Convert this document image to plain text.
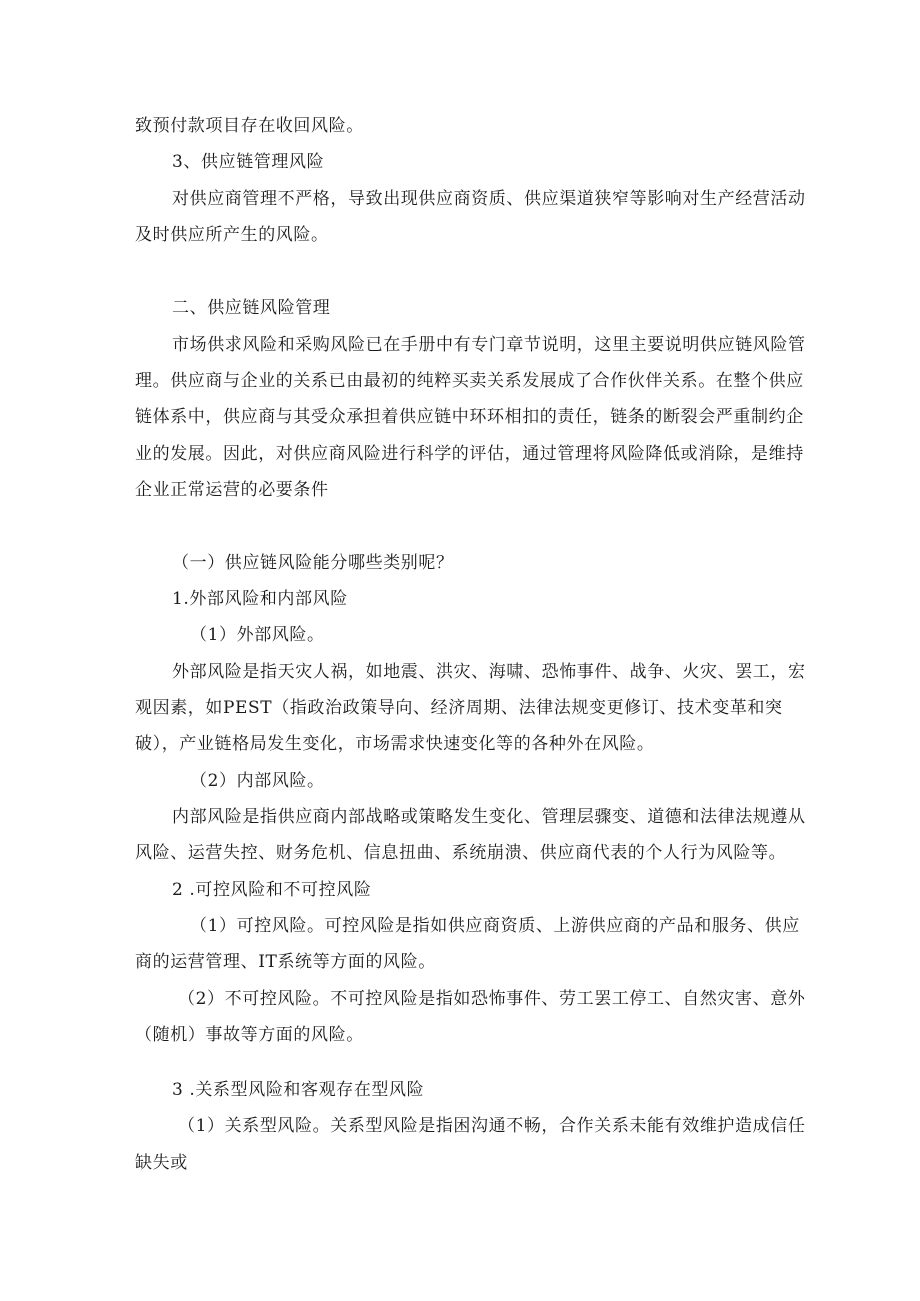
致预付款项目存在收回风险。
3、供应链管理风险
对供应商管理不严格，导致出现供应商资质、供应渠道狭窄等影响对生产经营活动
及时供应所产生的风险。
二、供应链风险管理
市场供求风险和采购风险已在手册中有专门章节说明，这里主要说明供应链风险管
理。供应商与企业的关系已由最初的纯粹买卖关系发展成了合作伙伴关系。在整个供应
链体系中，供应商与其受众承担着供应链中环环相扣的责任，链条的断裂会严重制约企
业的发展。因此，对供应商风险进行科学的评估，通过管理将风险降低或消除，是维持
企业正常运营的必要条件
（一）供应链风险能分哪些类别呢？
1.外部风险和内部风险
（1）外部风险。
外部风险是指天灾人祸，如地震、洪灾、海啸、恐怖事件、战争、火灾、罢工，宏
观因素，如PEST（指政治政策导向、经济周期、法律法规变更修订、技术变革和突
破），产业链格局发生变化，市场需求快速变化等的各种外在风险。
（2）内部风险。
内部风险是指供应商内部战略或策略发生变化、管理层骤变、道德和法律法规遵从
风险、运营失控、财务危机、信息扭曲、系统崩溃、供应商代表的个人行为风险等。
2 .可控风险和不可控风险
（1）可控风险。可控风险是指如供应商资质、上游供应商的产品和服务、供应
商的运营管理、IT系统等方面的风险。
（2）不可控风险。不可控风险是指如恐怖事件、劳工罢工停工、自然灾害、意外
（随机）事故等方面的风险。
3 .关系型风险和客观存在型风险
（1）关系型风险。关系型风险是指困沟通不畅，合作关系未能有效维护造成信任
缺失或
